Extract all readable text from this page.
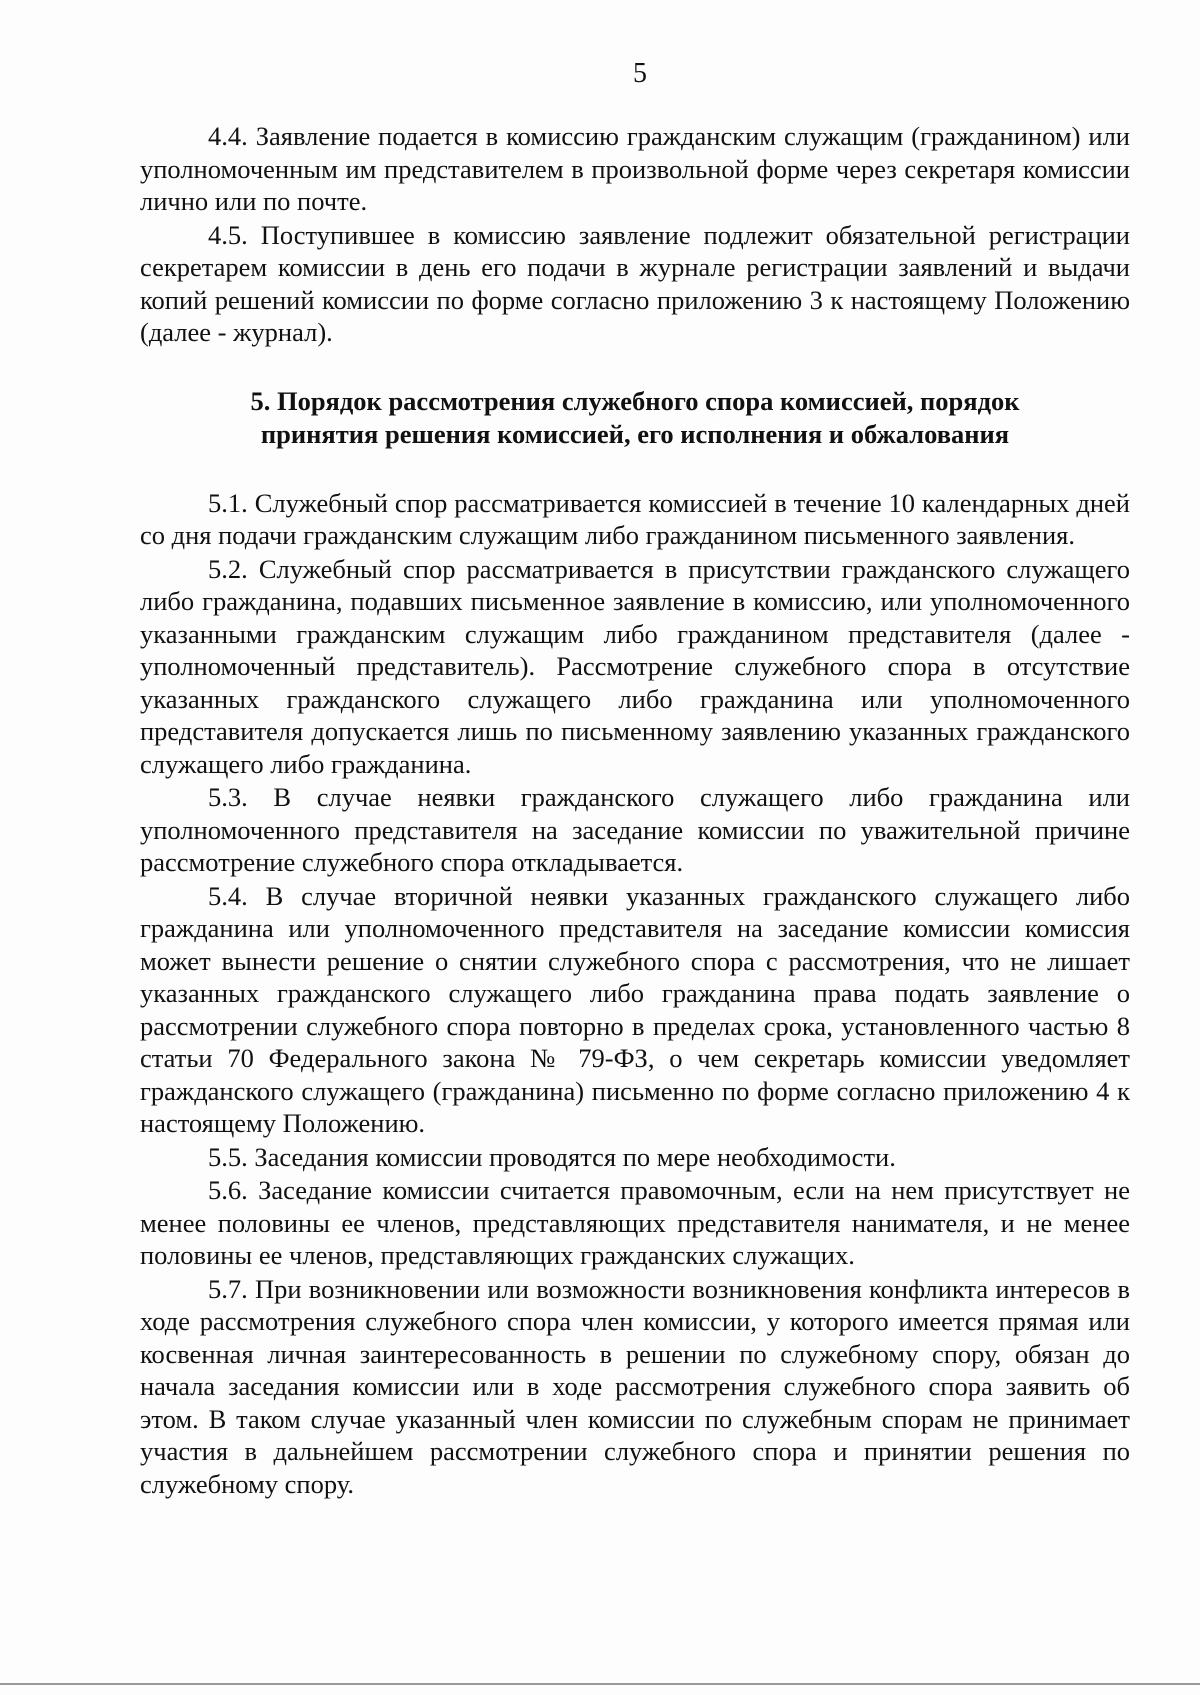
5

4.4. Заявление подается в комиссию гражданским служащим (гражданином) или уполномоченным им представителем в произвольной форме через секретаря комиссии лично или по почте.

4.5. Поступившее в комиссию заявление подлежит обязательной регистрации секретарем комиссии в день его подачи в журнале регистрации заявлений и выдачи копий решений комиссии по форме согласно приложению 3 к настоящему Положению (далее - журнал).

5. Порядок рассмотрения служебного спора комиссией, порядок
принятия решения комиссией, его исполнения и обжалования

5.1. Служебный спор рассматривается комиссией в течение 10 календарных дней со дня подачи гражданским служащим либо гражданином письменного заявления.

5.2. Служебный спор рассматривается в присутствии гражданского служащего либо гражданина, подавших письменное заявление в комиссию, или уполномоченного указанными гражданским служащим либо гражданином представителя (далее - уполномоченный представитель). Рассмотрение служебного спора в отсутствие указанных гражданского служащего либо гражданина или уполномоченного представителя допускается лишь по письменному заявлению указанных гражданского служащего либо гражданина.

5.3. В случае неявки гражданского служащего либо гражданина или уполномоченного представителя на заседание комиссии по уважительной причине рассмотрение служебного спора откладывается.

5.4. В случае вторичной неявки указанных гражданского служащего либо гражданина или уполномоченного представителя на заседание комиссии комиссия может вынести решение о снятии служебного спора с рассмотрения, что не лишает указанных гражданского служащего либо гражданина права подать заявление о рассмотрении служебного спора повторно в пределах срока, установленного частью 8 статьи 70 Федерального закона № 79-ФЗ, о чем секретарь комиссии уведомляет гражданского служащего (гражданина) письменно по форме согласно приложению 4 к настоящему Положению.

5.5. Заседания комиссии проводятся по мере необходимости.

5.6. Заседание комиссии считается правомочным, если на нем присутствует не менее половины ее членов, представляющих представителя нанимателя, и не менее половины ее членов, представляющих гражданских служащих.

5.7. При возникновении или возможности возникновения конфликта интересов в ходе рассмотрения служебного спора член комиссии, у которого имеется прямая или косвенная личная заинтересованность в решении по служебному спору, обязан до начала заседания комиссии или в ходе рассмотрения служебного спора заявить об этом. В таком случае указанный член комиссии по служебным спорам не принимает участия в дальнейшем рассмотрении служебного спора и принятии решения по служебному спору.
